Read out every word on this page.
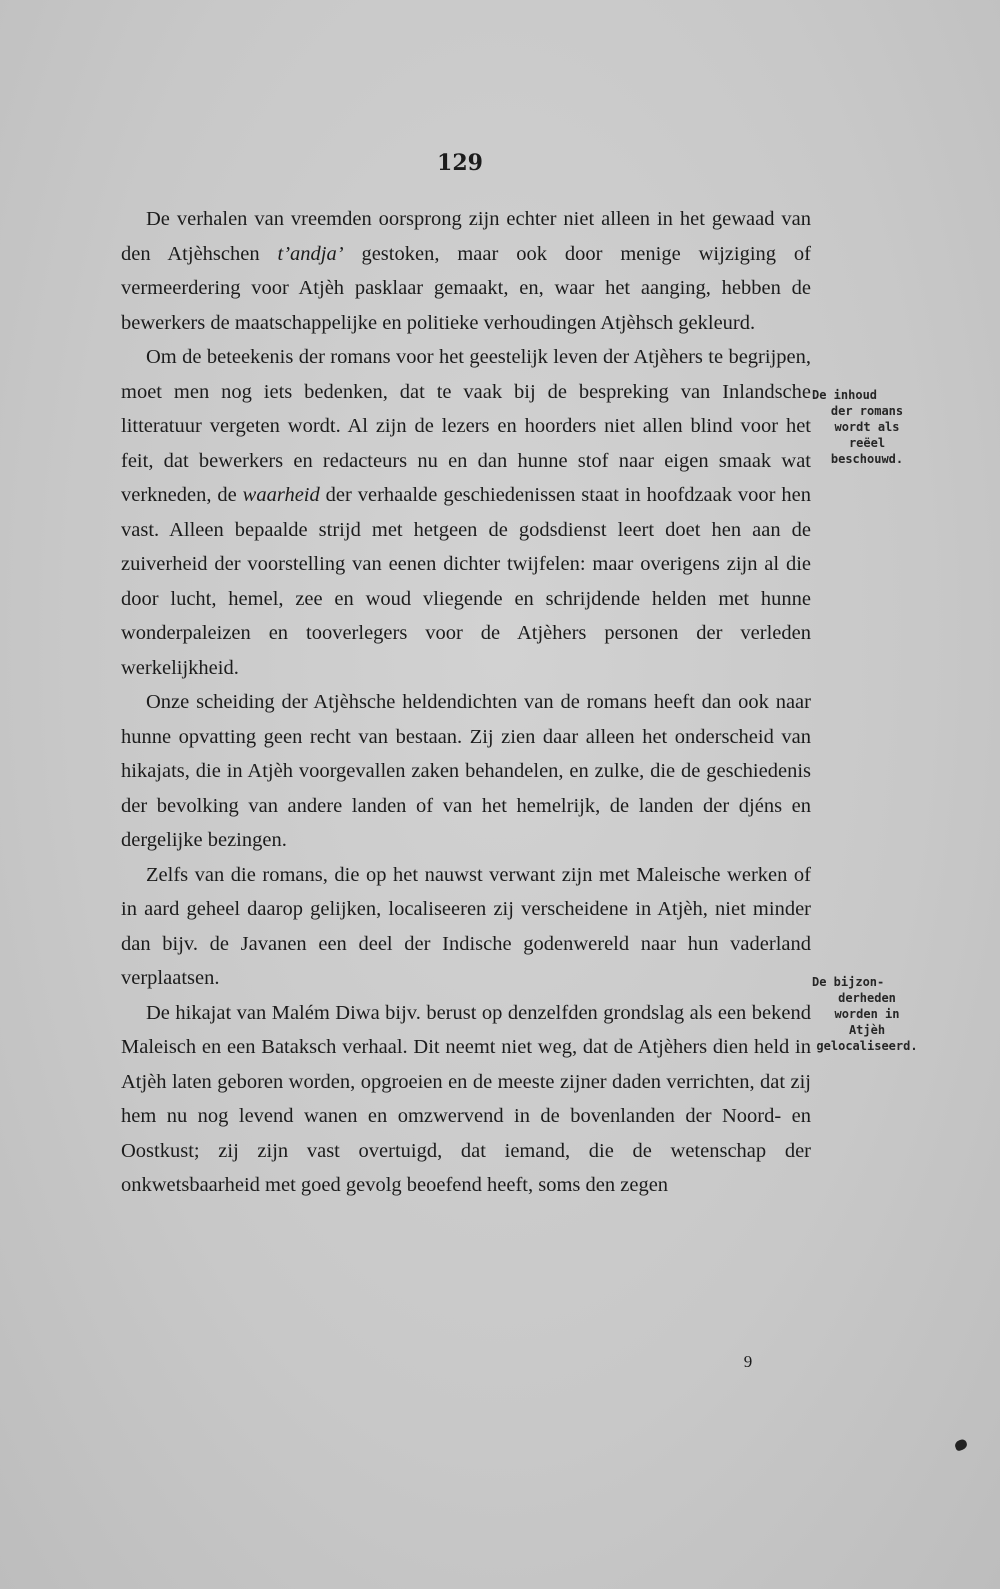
129

De verhalen van vreemden oorsprong zijn echter niet alleen in het gewaad van den Atjèhschen t’andja’ gestoken, maar ook door menige wijziging of vermeerdering voor Atjèh pasklaar gemaakt, en, waar het aanging, hebben de bewerkers de maatschappelijke en politieke verhoudingen Atjèhsch gekleurd.

Om de beteekenis der romans voor het geestelijk leven der Atjèhers te begrijpen, moet men nog iets bedenken, dat te vaak bij de bespreking van Inlandsche litteratuur vergeten wordt. Al zijn de lezers en hoorders niet allen blind voor het feit, dat bewerkers en redacteurs nu en dan hunne stof naar eigen smaak wat verkneden, de waarheid der verhaalde geschiedenissen staat in hoofdzaak voor hen vast. Alleen bepaalde strijd met hetgeen de godsdienst leert doet hen aan de zuiverheid der voorstelling van eenen dichter twijfelen: maar overigens zijn al die door lucht, hemel, zee en woud vliegende en schrijdende helden met hunne wonderpaleizen en tooverlegers voor de Atjèhers personen der verleden werkelijkheid.

Onze scheiding der Atjèhsche heldendichten van de romans heeft dan ook naar hunne opvatting geen recht van bestaan. Zij zien daar alleen het onderscheid van hikajats, die in Atjèh voorgevallen zaken behandelen, en zulke, die de geschiedenis der bevolking van andere landen of van het hemelrijk, de landen der djéns en dergelijke bezingen.

Zelfs van die romans, die op het nauwst verwant zijn met Maleische werken of in aard geheel daarop gelijken, localiseeren zij verscheidene in Atjèh, niet minder dan bijv. de Javanen een deel der Indische godenwereld naar hun vaderland verplaatsen.

De hikajat van Malém Diwa bijv. berust op denzelfden grondslag als een bekend Maleisch en een Bataksch verhaal. Dit neemt niet weg, dat de Atjèhers dien held in Atjèh laten geboren worden, opgroeien en de meeste zijner daden verrichten, dat zij hem nu nog levend wanen en omzwervend in de bovenlanden der Noord- en Oostkust; zij zijn vast overtuigd, dat iemand, die de wetenschap der onkwetsbaarheid met goed gevolg beoefend heeft, soms den zegen

De inhoud
der romans
wordt als
reëel
beschouwd.
De bijzon-
derheden
worden in
Atjèh
gelocaliseerd.
9
